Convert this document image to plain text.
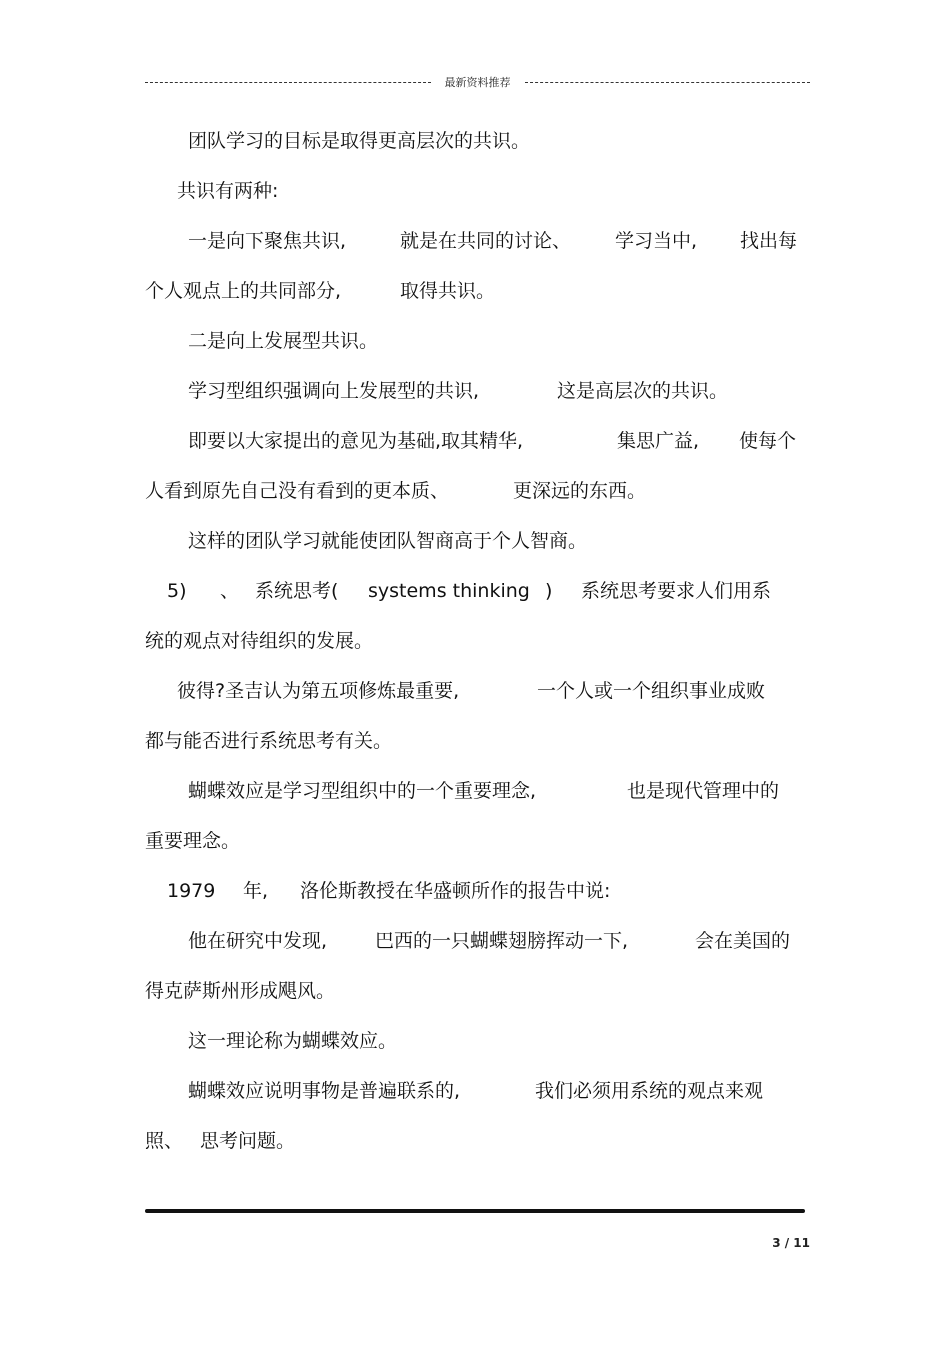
最新资料推荐
团队学习的目标是取得更高层次的共识。
共识有两种:
一是向下聚焦共识,	就是在共同的讨论、 学习当中, 找出每
个人观点上的共同部分,	取得共识。
二是向上发展型共识。
学习型组织强调向上发展型的共识,	这是高层次的共识。
即要以大家提出的意见为基础,取其精华,	集思广益, 使每个
人看到原先自己没有看到的更本质、	更深远的东西。
这样的团队学习就能使团队智商高于个人智商。
5) 、 系统思考( systems thinking ) 系统思考要求人们用系
统的观点对待组织的发展。
彼得?圣吉认为第五项修炼最重要,	一个人或一个组织事业成败
都与能否进行系统思考有关。
蝴蝶效应是学习型组织中的一个重要理念,	也是现代管理中的
重要理念。
1979 年, 洛伦斯教授在华盛顿所作的报告中说:
他在研究中发现,	巴西的一只蝴蝶翅膀挥动一下,	会在美国的
得克萨斯州形成飓风。
这一理论称为蝴蝶效应。
蝴蝶效应说明事物是普遍联系的,	我们必须用系统的观点来观
照、 思考问题。
3 / 11
